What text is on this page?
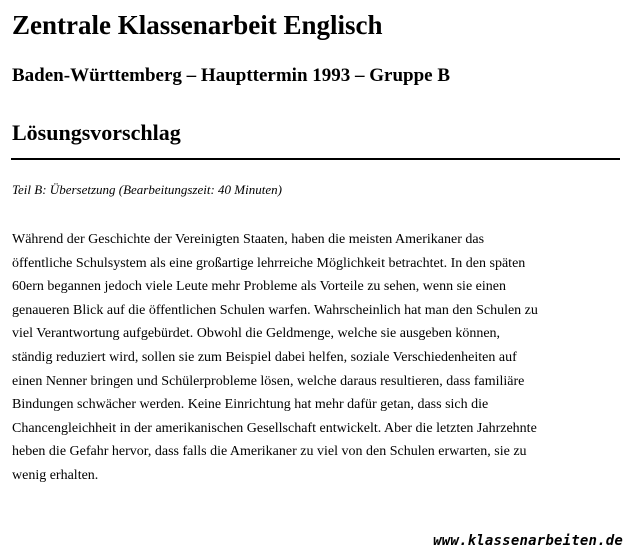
Zentrale Klassenarbeit Englisch
Baden-Württemberg – Haupttermin 1993 – Gruppe B
Lösungsvorschlag

Teil B: Übersetzung (Bearbeitungszeit: 40 Minuten)

Während der Geschichte der Vereinigten Staaten, haben die meisten Amerikaner das
öffentliche Schulsystem als eine großartige lehrreiche Möglichkeit betrachtet. In den späten
60ern begannen jedoch viele Leute mehr Probleme als Vorteile zu sehen, wenn sie einen
genaueren Blick auf die öffentlichen Schulen warfen. Wahrscheinlich hat man den Schulen zu
viel Verantwortung aufgebürdet. Obwohl die Geldmenge, welche sie ausgeben können,
ständig reduziert wird, sollen sie zum Beispiel dabei helfen, soziale Verschiedenheiten auf
einen Nenner bringen und Schülerprobleme lösen, welche daraus resultieren, dass familiäre
Bindungen schwächer werden. Keine Einrichtung hat mehr dafür getan, dass sich die
Chancengleichheit in der amerikanischen Gesellschaft entwickelt. Aber die letzten Jahrzehnte
heben die Gefahr hervor, dass falls die Amerikaner zu viel von den Schulen erwarten, sie zu
wenig erhalten.
www.klassenarbeiten.de
